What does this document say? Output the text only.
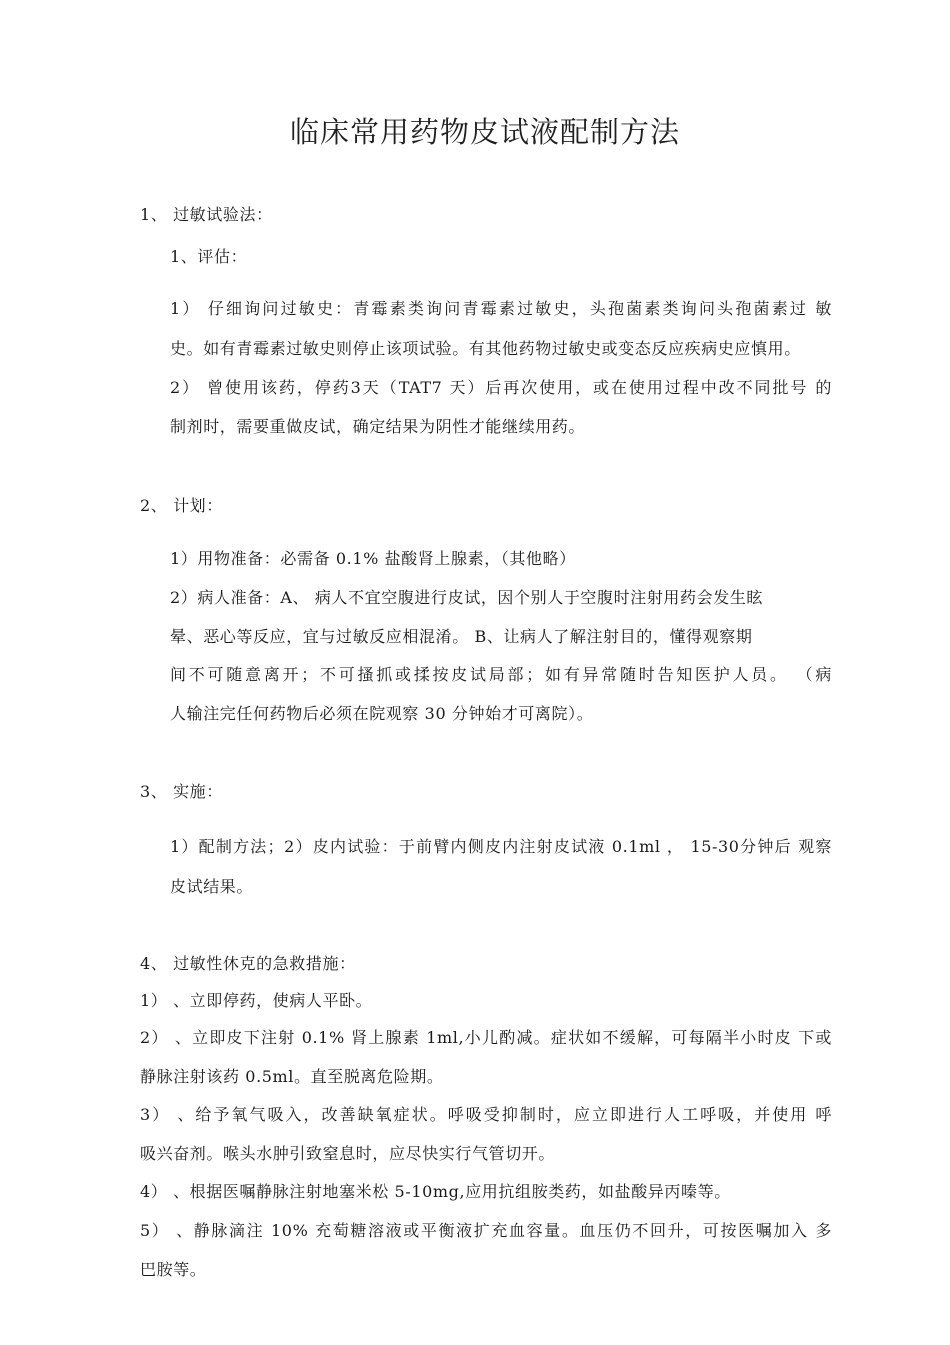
临床常用药物皮试液配制方法
1、 过敏试验法：
1、评估：
1） 仔细询问过敏史：青霉素类询问青霉素过敏史，头孢菌素类询问头孢菌素过 敏
史。如有青霉素过敏史则停止该项试验。有其他药物过敏史或变态反应疾病史应慎用。
2） 曾使用该药，停药3天（TAT7 天）后再次使用，或在使用过程中改不同批号 的
制剂时，需要重做皮试，确定结果为阴性才能继续用药。
2、 计划：
1）用物准备：必需备 0.1% 盐酸肾上腺素，（其他略）
2）病人准备：A、 病人不宜空腹进行皮试，因个别人于空腹时注射用药会发生眩
晕、恶心等反应，宜与过敏反应相混淆。 B、让病人了解注射目的，懂得观察期
间不可随意离开；不可搔抓或揉按皮试局部；如有异常随时告知医护人员。 （病
人输注完任何药物后必须在院观察 30 分钟始才可离院）。
3、 实施：
1）配制方法；2）皮内试验：于前臂内侧皮内注射皮试液 0.1ml ， 15-30分钟后 观察
皮试结果。
4、 过敏性休克的急救措施：
1） 、立即停药，使病人平卧。
2） 、立即皮下注射 0.1% 肾上腺素 1ml,小儿酌减。症状如不缓解，可每隔半小时皮 下或
静脉注射该药 0.5ml。直至脱离危险期。
3） 、给予氧气吸入，改善缺氧症状。呼吸受抑制时，应立即进行人工呼吸，并使用 呼
吸兴奋剂。喉头水肿引致窒息时，应尽快实行气管切开。
4） 、根据医嘱静脉注射地塞米松 5-10mg,应用抗组胺类药，如盐酸异丙嗪等。
5） 、静脉滴注 10% 充萄糖溶液或平衡液扩充血容量。血压仍不回升，可按医嘱加入 多
巴胺等。
